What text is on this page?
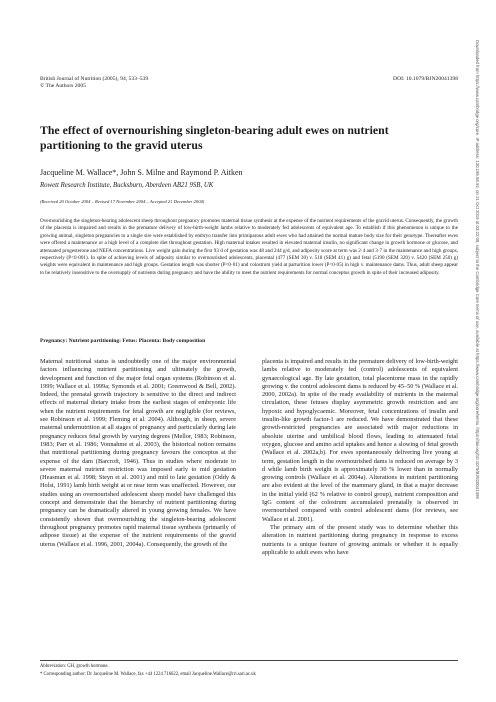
British Journal of Nutrition (2005), 94, 533–539
© The Authors 2005
DOI: 10.1079/BJN20041398
The effect of overnourishing singleton-bearing adult ewes on nutrient partitioning to the gravid uterus
Jacqueline M. Wallace*, John S. Milne and Raymond P. Aitken
Rowett Research Institute, Bucksburn, Aberdeen AB21 9SB, UK
(Received 20 October 2004 – Revised 17 November 2004 – Accepted 21 December 2004)

Overnourishing the singleton-bearing adolescent sheep throughout pregnancy promotes maternal tissue synthesis at the expense of the nutrient requirements of the gravid uterus. Consequently, the growth of the placenta is impaired and results in the premature delivery of low-birth-weight lambs relative to moderately fed adolescents of equivalent age. To establish if this phenomenon is unique to the growing animal, singleton pregnancies to a single sire were established by embryo transfer into primiparous adult ewes who had attained the normal mature body size for their genotype. Thereafter ewes were offered a maintenance or a high level of a complete diet throughout gestation. High maternal intakes resulted in elevated maternal insulin, no significant change in growth hormone or glucose, and attenuated progesterone and NEFA concentrations. Live weight gain during the first 93 d of gestation was 48 and 244 g/d, and adiposity score at term was 2·4 and 3·7 in the maintenance and high groups, respectively (P<0·001). In spite of achieving levels of adiposity similar to overnourished adolescents, placental (477 (SEM 30) v. 518 (SEM 41) g) and fetal (5190 (SEM 320) v. 5420 (SEM 250) g) weights were equivalent in maintenance and high groups. Gestation length was shorter (P<0·01) and colostrum yield at parturition lower (P<0·05) in high v. maintenance dams. Thus, adult sheep appear to be relatively insensitive to the oversupply of nutrients during pregnancy and have the ability to meet the nutrient requirements for normal conceptus growth in spite of their increased adiposity.

Pregnancy: Nutrient partitioning: Fetus: Placenta: Body composition

Maternal nutritional status is undoubtedly one of the major environmental factors influencing nutrient partitioning and ultimately the growth, development and function of the major fetal organ systems (Robinson et al. 1999; Wallace et al. 1999a; Symonds et al. 2001; Greenwood & Bell, 2002). Indeed, the prenatal growth trajectory is sensitive to the direct and indirect effects of maternal dietary intake from the earliest stages of embryonic life when the nutrient requirements for fetal growth are negligible (for reviews, see Robinson et al. 1999; Fleming et al. 2004). Although, in sheep, severe maternal undernutrition at all stages of pregnancy and particularly during late pregnancy reduces fetal growth by varying degrees (Mellor, 1983; Robinson, 1983; Parr et al. 1986; Vonnahme et al. 2003), the historical notion remains that nutritional partitioning during pregnancy favours the conceptus at the expense of the dam (Barcroft, 1946). Thus in studies where moderate to severe maternal nutrient restriction was imposed early to mid gestation (Heasman et al. 1998; Steyn et al. 2001) and mid to late gestation (Oddy & Holst, 1991) lamb birth weight at or near term was unaffected. However, our studies using an overnourished adolescent sheep model have challenged this concept and demonstrate that the hierarchy of nutrient partitioning during pregnancy can be dramatically altered in young growing females. We have consistently shown that overnourishing the singleton-bearing adolescent throughout pregnancy promotes rapid maternal tissue synthesis (primarily of adipose tissue) at the expense of the nutrient requirements of the gravid uterus (Wallace et al. 1996, 2001, 2004a). Consequently, the growth of the

placenta is impaired and results in the premature delivery of low-birth-weight lambs relative to moderately fed (control) adolescents of equivalent gynaecological age. By late gestation, total placentome mass in the rapidly growing v. the control adolescent dams is reduced by 45–50 % (Wallace et al. 2000, 2002a). In spite of the ready availability of nutrients in the maternal circulation, these fetuses display asymmetric growth restriction and are hypoxic and hypoglycaemic. Moreover, fetal concentrations of insulin and insulin-like growth factor-1 are reduced. We have demonstrated that these growth-restricted pregnancies are associated with major reductions in absolute uterine and umbilical blood flows, leading to attenuated fetal oxygen, glucose and amino acid uptakes and hence a slowing of fetal growth (Wallace et al. 2002a,b). For ewes spontaneously delivering live young at term, gestation length in the overnourished dams is reduced on average by 3 d while lamb birth weight is approximately 30 % lower than in normally growing controls (Wallace et al. 2004a). Alterations in nutrient partitioning are also evident at the level of the mammary gland, in that a major decrease in the initial yield (62 % relative to control group), nutrient composition and IgG content of the colostrum accumulated prenatally is observed in overnourished compared with control adolescent dams (for reviews, see Wallace et al. 2001).

The primary aim of the present study was to determine whether this alteration in nutrient partitioning during pregnancy in response to excess nutrients is a unique feature of growing animals or whether it is equally applicable to adult ewes who have

Abbreviation: GH, growth hormone.
* Corresponding author: Dr Jacqueline M. Wallace, fax +44 1224 716622, email Jacqueline.Wallace@rri.sari.ac.uk
Downloaded from https://www.cambridge.org/core. IP address: 130.195.58.92, on 21 Oct 2019 at 03:22:05, subject to the Cambridge Core terms of use, available at https://www.cambridge.org/core/terms. https://doi.org/10.1079/BJN20041398
